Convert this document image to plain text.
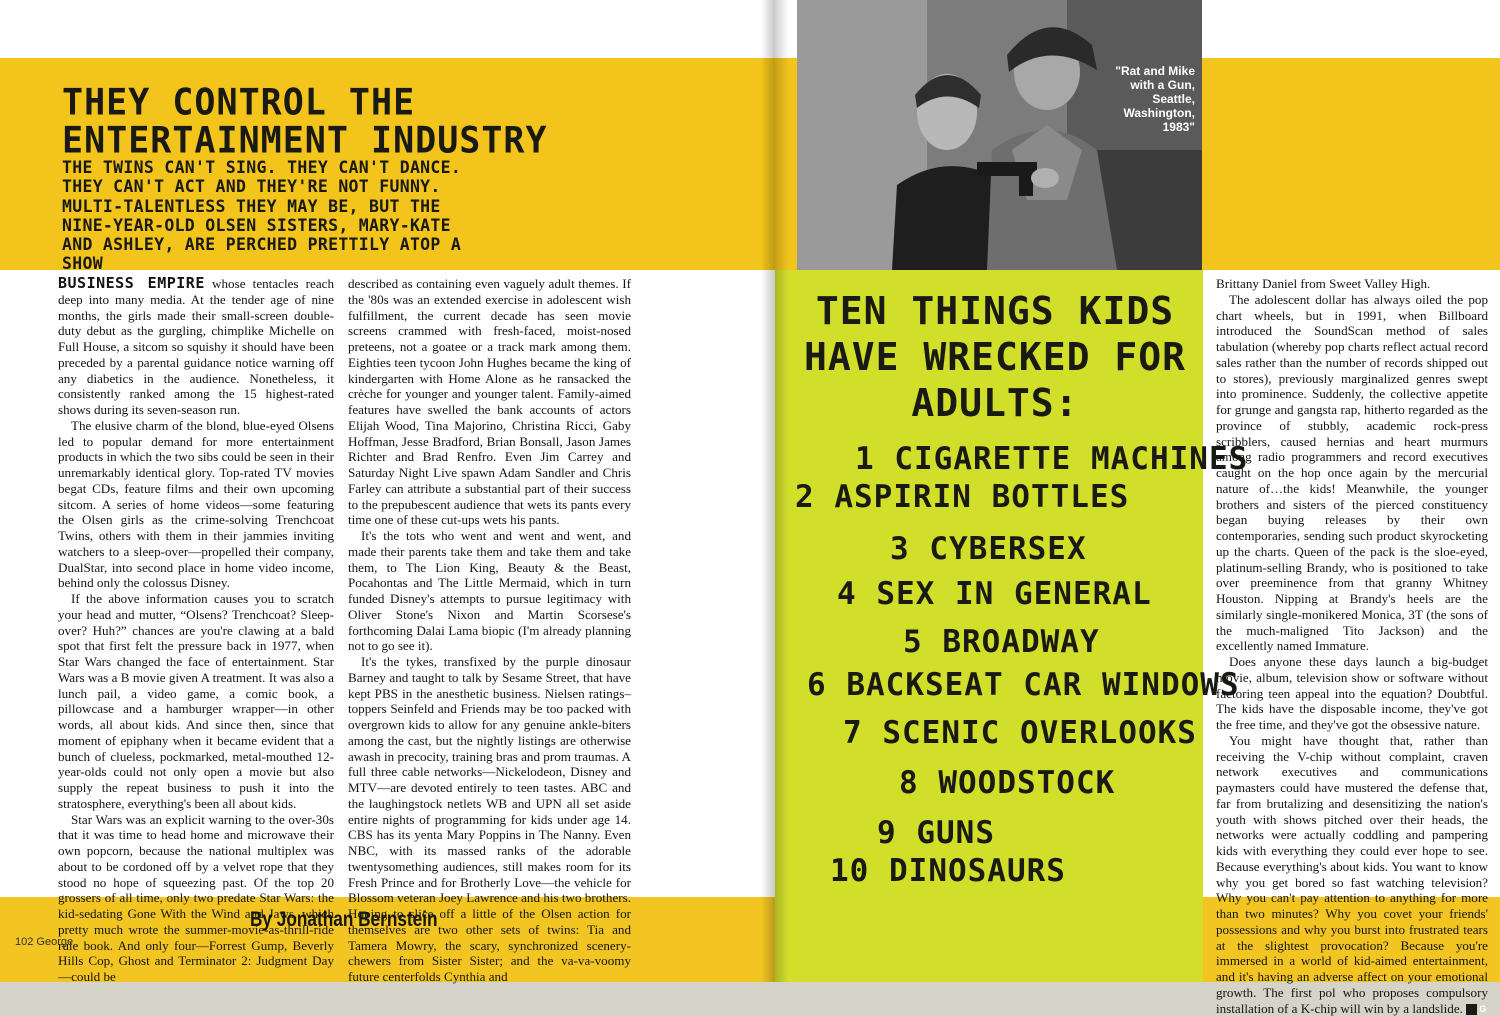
THEY CONTROL THE
ENTERTAINMENT INDUSTRY
THE TWINS CAN'T SING. THEY CAN'T DANCE. THEY CAN'T ACT AND THEY'RE NOT FUNNY. MULTI-TALENTLESS THEY MAY BE, BUT THE NINE-YEAR-OLD OLSEN SISTERS, MARY-KATE AND ASHLEY, ARE PERCHED PRETTILY ATOP A SHOW

BUSINESS EMPIRE whose tentacles reach deep into many media. At the tender age of nine months, the girls made their small-screen double-duty debut as the gurgling, chimplike Michelle on Full House, a sitcom so squishy it should have been preceded by a parental guidance notice warning off any diabetics in the audience. Nonetheless, it consistently ranked among the 15 highest-rated shows during its seven-season run.

The elusive charm of the blond, blue-eyed Olsens led to popular demand for more entertainment products in which the two sibs could be seen in their unremarkably identical glory. Top-rated TV movies begat CDs, feature films and their own upcoming sitcom. A series of home videos—some featuring the Olsen girls as the crime-solving Trenchcoat Twins, others with them in their jammies inviting watchers to a sleep-over—propelled their company, DualStar, into second place in home video income, behind only the colossus Disney.

If the above information causes you to scratch your head and mutter, “Olsens? Trenchcoat? Sleep-over? Huh?” chances are you're clawing at a bald spot that first felt the pressure back in 1977, when Star Wars changed the face of entertainment. Star Wars was a B movie given A treatment. It was also a lunch pail, a video game, a comic book, a pillowcase and a hamburger wrapper—in other words, all about kids. And since then, since that moment of epiphany when it became evident that a bunch of clueless, pockmarked, metal-mouthed 12-year-olds could not only open a movie but also supply the repeat business to push it into the stratosphere, everything's been all about kids.

Star Wars was an explicit warning to the over-30s that it was time to head home and microwave their own popcorn, because the national multiplex was about to be cordoned off by a velvet rope that they stood no hope of squeezing past. Of the top 20 grossers of all time, only two predate Star Wars: the kid-sedating Gone With the Wind and Jaws, which pretty much wrote the summer-movie-as-thrill-ride rule book. And only four—Forrest Gump, Beverly Hills Cop, Ghost and Terminator 2: Judgment Day—could be

described as containing even vaguely adult themes. If the '80s was an extended exercise in adolescent wish fulfillment, the current decade has seen movie screens crammed with fresh-faced, moist-nosed preteens, not a goatee or a track mark among them. Eighties teen tycoon John Hughes became the king of kindergarten with Home Alone as he ransacked the crèche for younger and younger talent. Family-aimed features have swelled the bank accounts of actors Elijah Wood, Tina Majorino, Christina Ricci, Gaby Hoffman, Jesse Bradford, Brian Bonsall, Jason James Richter and Brad Renfro. Even Jim Carrey and Saturday Night Live spawn Adam Sandler and Chris Farley can attribute a substantial part of their success to the prepubescent audience that wets its pants every time one of these cut-ups wets his pants.

It's the tots who went and went and went, and made their parents take them and take them and take them, to The Lion King, Beauty & the Beast, Pocahontas and The Little Mermaid, which in turn funded Disney's attempts to pursue legitimacy with Oliver Stone's Nixon and Martin Scorsese's forthcoming Dalai Lama biopic (I'm already planning not to go see it).

It's the tykes, transfixed by the purple dinosaur Barney and taught to talk by Sesame Street, that have kept PBS in the anesthetic business. Nielsen ratings–toppers Seinfeld and Friends may be too packed with overgrown kids to allow for any genuine ankle-biters among the cast, but the nightly listings are otherwise awash in precocity, training bras and prom traumas. A full three cable networks—Nickelodeon, Disney and MTV—are devoted entirely to teen tastes. ABC and the laughingstock netlets WB and UPN all set aside entire nights of programming for kids under age 14. CBS has its yenta Mary Poppins in The Nanny. Even NBC, with its massed ranks of the adorable twentysomething audiences, still makes room for its Fresh Prince and for Brotherly Love—the vehicle for Blossom veteran Joey Lawrence and his two brothers. Hoping to slice off a little of the Olsen action for themselves are two other sets of twins: Tia and Tamera Mowry, the scary, synchronized scenery-chewers from Sister Sister; and the va-va-voomy future centerfolds Cynthia and

By Jonathan Bernstein
102 George
"Rat and Mike with a Gun, Seattle, Washington, 1983"
TEN THINGS KIDS HAVE WRECKED FOR ADULTS:
1 CIGARETTE MACHINES
2 ASPIRIN BOTTLES
3 CYBERSEX
4 SEX IN GENERAL
5 BROADWAY
6 BACKSEAT CAR WINDOWS
7 SCENIC OVERLOOKS
8 WOODSTOCK
9 GUNS
10 DINOSAURS

Brittany Daniel from Sweet Valley High.

The adolescent dollar has always oiled the pop chart wheels, but in 1991, when Billboard introduced the SoundScan method of sales tabulation (whereby pop charts reflect actual record sales rather than the number of records shipped out to stores), previously marginalized genres swept into prominence. Suddenly, the collective appetite for grunge and gangsta rap, hitherto regarded as the province of stubbly, academic rock-press scribblers, caused hernias and heart murmurs among radio programmers and record executives caught on the hop once again by the mercurial nature of…the kids! Meanwhile, the younger brothers and sisters of the pierced constituency began buying releases by their own contemporaries, sending such product skyrocketing up the charts. Queen of the pack is the sloe-eyed, platinum-selling Brandy, who is positioned to take over preeminence from that granny Whitney Houston. Nipping at Brandy's heels are the similarly single-monikered Monica, 3T (the sons of the much-maligned Tito Jackson) and the excellently named Immature.

Does anyone these days launch a big-budget movie, album, television show or software without factoring teen appeal into the equation? Doubtful. The kids have the disposable income, they've got the free time, and they've got the obsessive nature.

You might have thought that, rather than receiving the V-chip without complaint, craven network executives and communications paymasters could have mustered the defense that, far from brutalizing and desensitizing the nation's youth with shows pitched over their heads, the networks were actually coddling and pampering kids with everything they could ever hope to see. Because everything's about kids. You want to know why you get bored so fast watching television? Why you can't pay attention to anything for more than two minutes? Why you covet your friends' possessions and why you burst into frustrated tears at the slightest provocation? Because you're immersed in a world of kid-aimed entertainment, and it's having an adverse affect on your emotional growth. The first pol who proposes compulsory installation of a K-chip will win by a landslide. G
